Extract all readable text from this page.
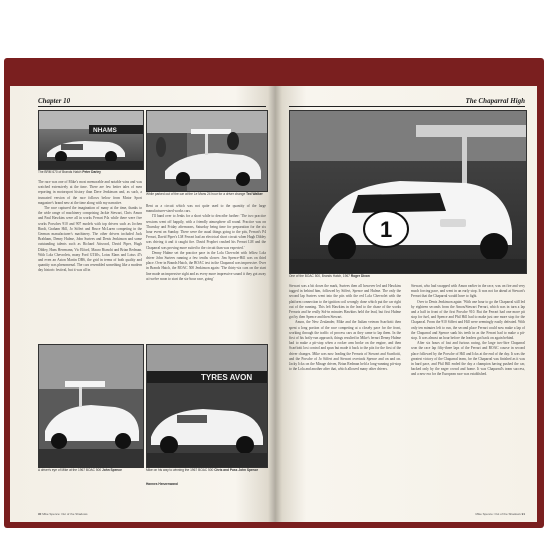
Chapter 10
NHAMS
The BRM 670 of Brands Hatch Peter Darley
While parked out of the car at the Le Mans 24 hour for a driver change Ted Walker

The race was one of Mike's most memorable and notable wins and was watched extensively at the time. There are few better tales of men reporting in motorsport history than Dave Jenkinson and, as such, a truncated version of the race follows below from Motor Sport magazine's brand new at the time along with my narrative.

The race captured the imagination of many at the time, thanks to the wide range of machinery comprising Jackie Stewart, Chris Amon and Paul Hawkins were all in works Ferrari P4s while there were five works Porsches 910 and 907 models with top drivers such as Jochen Rindt, Graham Hill, Jo Siffert and Bruce McLaren competing in the German manufacturer's machinery. The other drivers included Jack Brabham, Denny Hulme, John Surtees and Denis Jenkinson and some outstanding talents such as Richard Attwood, David Piper, Hugh Dibley, Hans Herrmann, Vic Elford, Mauro Bianchi and Brian Redman. With Lola Chevrolets, many Ford GT40s, Lotus Elans and Lotus 47s and even an Aston Martin DB6, the grid in terms of both quality and quantity was phenomenal. The cars resembled something like a modern day historic festival, but it was all in

Rent as a circuit which was not quite used to the quantity of the large manufacturer-sized works cars.

I'll hand over to Jenks for a short while to describe further: 'The two practice sessions went off happily, with a friendly atmosphere all round. Practice was on Thursday and Friday afternoons, Saturday being time for preparation for the six hour event on Sunday. There were the usual things going to the pits, Ferrari's P4 Ferrari, David Piper's LM Ferrari had an electrical short circuit when Hugh Dibley was driving it and it caught fire. David Prophet crashed his Ferrari LM and the Chaparral was proving more suited to the circuit than was expected.'

Denny Hulme set the practice pace in the Lola Chevrolet with fellow Lola driver John Surtees running a few tenths slower. Jim Spence-Hill was on third place. Over in Brands Hatch, the BOAC test in the Chaparral was impressive. Over in Brands Hatch, the BOAC 500 Jenkinson again: 'The thirty-six cars on the start line made an impressive sight and as every more impressive sound it they got away at twelve noon to start the six-hour race, going'

A driver's eye of Mike at the 1967 BOAC 500 John Spence
TYRES AVON
Mike on his way to winning the 1967 BOAC 500 Chris and Puss John Spence
Hannes Henzenwand
90 Mike Spence: Out of the Shadows
The Chaparral High
1
One of the BOAC 500, Brands Hatch, 1967 Roger Dixon

Stewart was a bit down the mark, Surtees then all however led and Hawkins tagged in behind him, followed by Siffert, Spence and Hulme. The only the second lap Surtees went into the pits with the red Lola Chevrolet with the platform connection to the ignition coil wrongly done which put the car right out of the running. This left Hawkins in the lead to the chase of the works Ferraris and he really Sid-in minutes Hawkins held the lead, but first Hulme got by then Spence and then Stewart.

Amon, the New Zealander, Mike and the Italian veteran Scarfiotti then spent a long portion of the race competing at a closely pace for the front, working through the traffic of process cars as they came to lap them. In the first of his hotly-run approach, things resulted in Mike's ferrari Denny Hulme had to make a pit-stop when a rocker arm broke on the engine, and then Scarfiotti lost control and spun but made it back to the pits for the first of the driver changes. Mike was now leading the Ferraris of Stewart and Scarfiotti, and the Porsche of Jo Siffert and Stewart overtook Spence and on and on. Jacky Ickx on the Mirage driven, Brian Redman held a long-running pit-stop to the Lola and another after that, which allowed many other drivers.

Stewart, who had swapped with Amon earlier in the race, was on fire and very much forcing pace, and went in an early stop. It was not far ahead at Stewart's Ferrari that the Chaparral would have to fight.

Over to Denis Jenkinson again: 'With one hour to go the Chaparral still led by eighteen seconds from the Amon/Stewart Ferrari, which was in turn a lap and a half in front of the first Porsche 910. But the Ferrari had one more pit stop for fuel, and Spence and Phil Hill had to make just one more stop for the Chaparral. From the 910 Siffert and Hill were seemingly easily defeated. With only ten minutes left to run, the second place Ferrari could now make a lap of the Chaparral and Spence sunk his teeth in as the Ferrari had to make a pit-stop. It was almost an hour before the leaders got back on again behind.

After six hours of fast and furious racing, the large two-litre Chaparral won the race lap fifty-three laps of the Ferrari and BOAC course in second place followed by the Porsche of Hill and Ickx at the end of the day. It was the greatest victory of the Chaparral team, for the Chaparral was finished as it was in hard pace, and Phil Hill ended the day a champion having pushed the car, backed only by the eager crowd and home. It was Chaparral's team success, and a new era for the European race was established.

Mike Spence: Out of the Shadows 91
